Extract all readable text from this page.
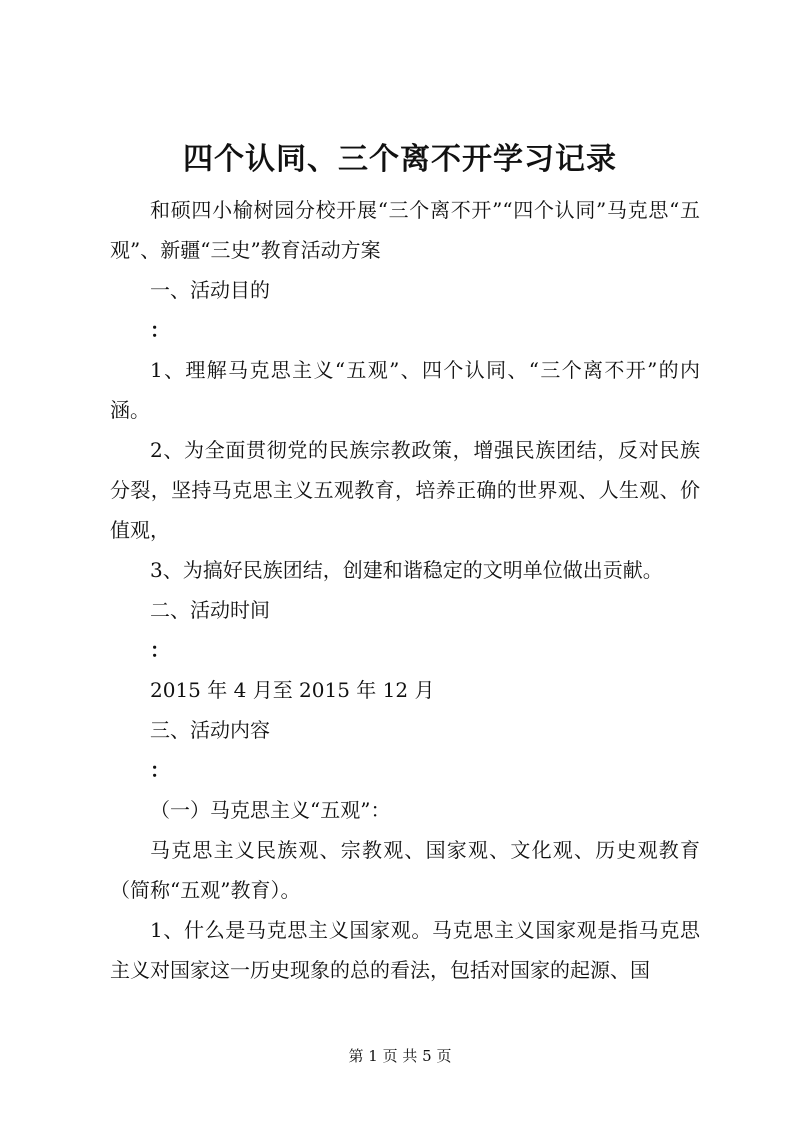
四个认同、三个离不开学习记录

和硕四小榆树园分校开展“三个离不开”“四个认同”马克思“五观”、新疆“三史”教育活动方案

一、活动目的

：

1、理解马克思主义“五观”、四个认同、“三个离不开”的内涵。

2、为全面贯彻党的民族宗教政策，增强民族团结，反对民族分裂，坚持马克思主义五观教育，培养正确的世界观、人生观、价值观，

3、为搞好民族团结，创建和谐稳定的文明单位做出贡献。

二、活动时间

：

2015 年 4 月至 2015 年 12 月

三、活动内容

：

（一）马克思主义“五观”：

马克思主义民族观、宗教观、国家观、文化观、历史观教育（简称“五观”教育）。

1、什么是马克思主义国家观。马克思主义国家观是指马克思主义对国家这一历史现象的总的看法，包括对国家的起源、国

第 1 页 共 5 页
